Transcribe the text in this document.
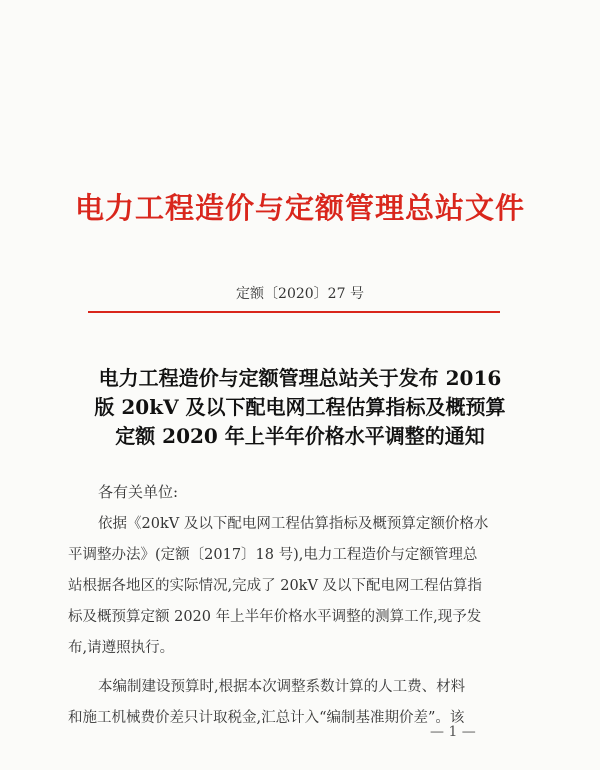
电力工程造价与定额管理总站文件
定额〔2020〕27 号
电力工程造价与定额管理总站关于发布 2016
版 20kV 及以下配电网工程估算指标及概预算
定额 2020 年上半年价格水平调整的通知
各有关单位:
依据《20kV 及以下配电网工程估算指标及概预算定额价格水
平调整办法》(定额〔2017〕18 号),电力工程造价与定额管理总
站根据各地区的实际情况,完成了 20kV 及以下配电网工程估算指
标及概预算定额 2020 年上半年价格水平调整的测算工作,现予发
布,请遵照执行。
本编制建设预算时,根据本次调整系数计算的人工费、材料
和施工机械费价差只计取税金,汇总计入“编制基准期价差”。该
— 1 —
